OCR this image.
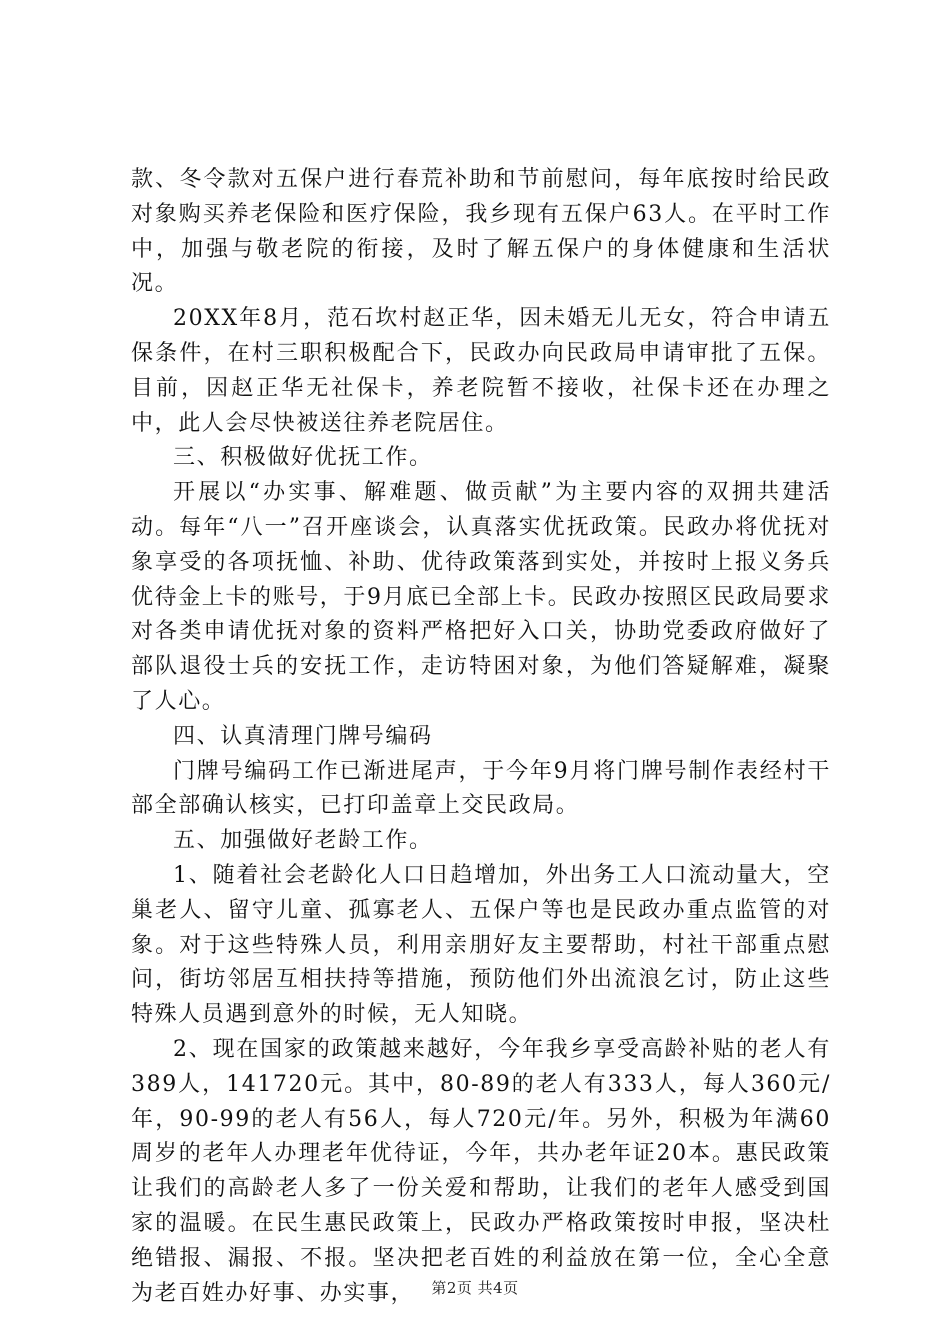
款、冬令款对五保户进行春荒补助和节前慰问，每年底按时给民政对象购买养老保险和医疗保险，我乡现有五保户63人。在平时工作中，加强与敬老院的衔接，及时了解五保户的身体健康和生活状况。

20XX年8月，范石坎村赵正华，因未婚无儿无女，符合申请五保条件，在村三职积极配合下，民政办向民政局申请审批了五保。目前，因赵正华无社保卡，养老院暂不接收，社保卡还在办理之中，此人会尽快被送往养老院居住。

三、积极做好优抚工作。

开展以“办实事、解难题、做贡献”为主要内容的双拥共建活动。每年“八一”召开座谈会，认真落实优抚政策。民政办将优抚对象享受的各项抚恤、补助、优待政策落到实处，并按时上报义务兵优待金上卡的账号，于9月底已全部上卡。民政办按照区民政局要求对各类申请优抚对象的资料严格把好入口关，协助党委政府做好了部队退役士兵的安抚工作，走访特困对象，为他们答疑解难，凝聚了人心。

四、认真清理门牌号编码

门牌号编码工作已渐进尾声，于今年9月将门牌号制作表经村干部全部确认核实，已打印盖章上交民政局。

五、加强做好老龄工作。

1、随着社会老龄化人口日趋增加，外出务工人口流动量大，空巢老人、留守儿童、孤寡老人、五保户等也是民政办重点监管的对象。对于这些特殊人员，利用亲朋好友主要帮助，村社干部重点慰问，街坊邻居互相扶持等措施，预防他们外出流浪乞讨，防止这些特殊人员遇到意外的时候，无人知晓。

2、现在国家的政策越来越好，今年我乡享受高龄补贴的老人有389人，141720元。其中，80-89的老人有333人，每人360元/年，90-99的老人有56人，每人720元/年。另外，积极为年满60周岁的老年人办理老年优待证，今年，共办老年证20本。惠民政策让我们的高龄老人多了一份关爱和帮助，让我们的老年人感受到国家的温暖。在民生惠民政策上，民政办严格政策按时申报，坚决杜绝错报、漏报、不报。坚决把老百姓的利益放在第一位，全心全意为老百姓办好事、办实事，	第2页 共4页
